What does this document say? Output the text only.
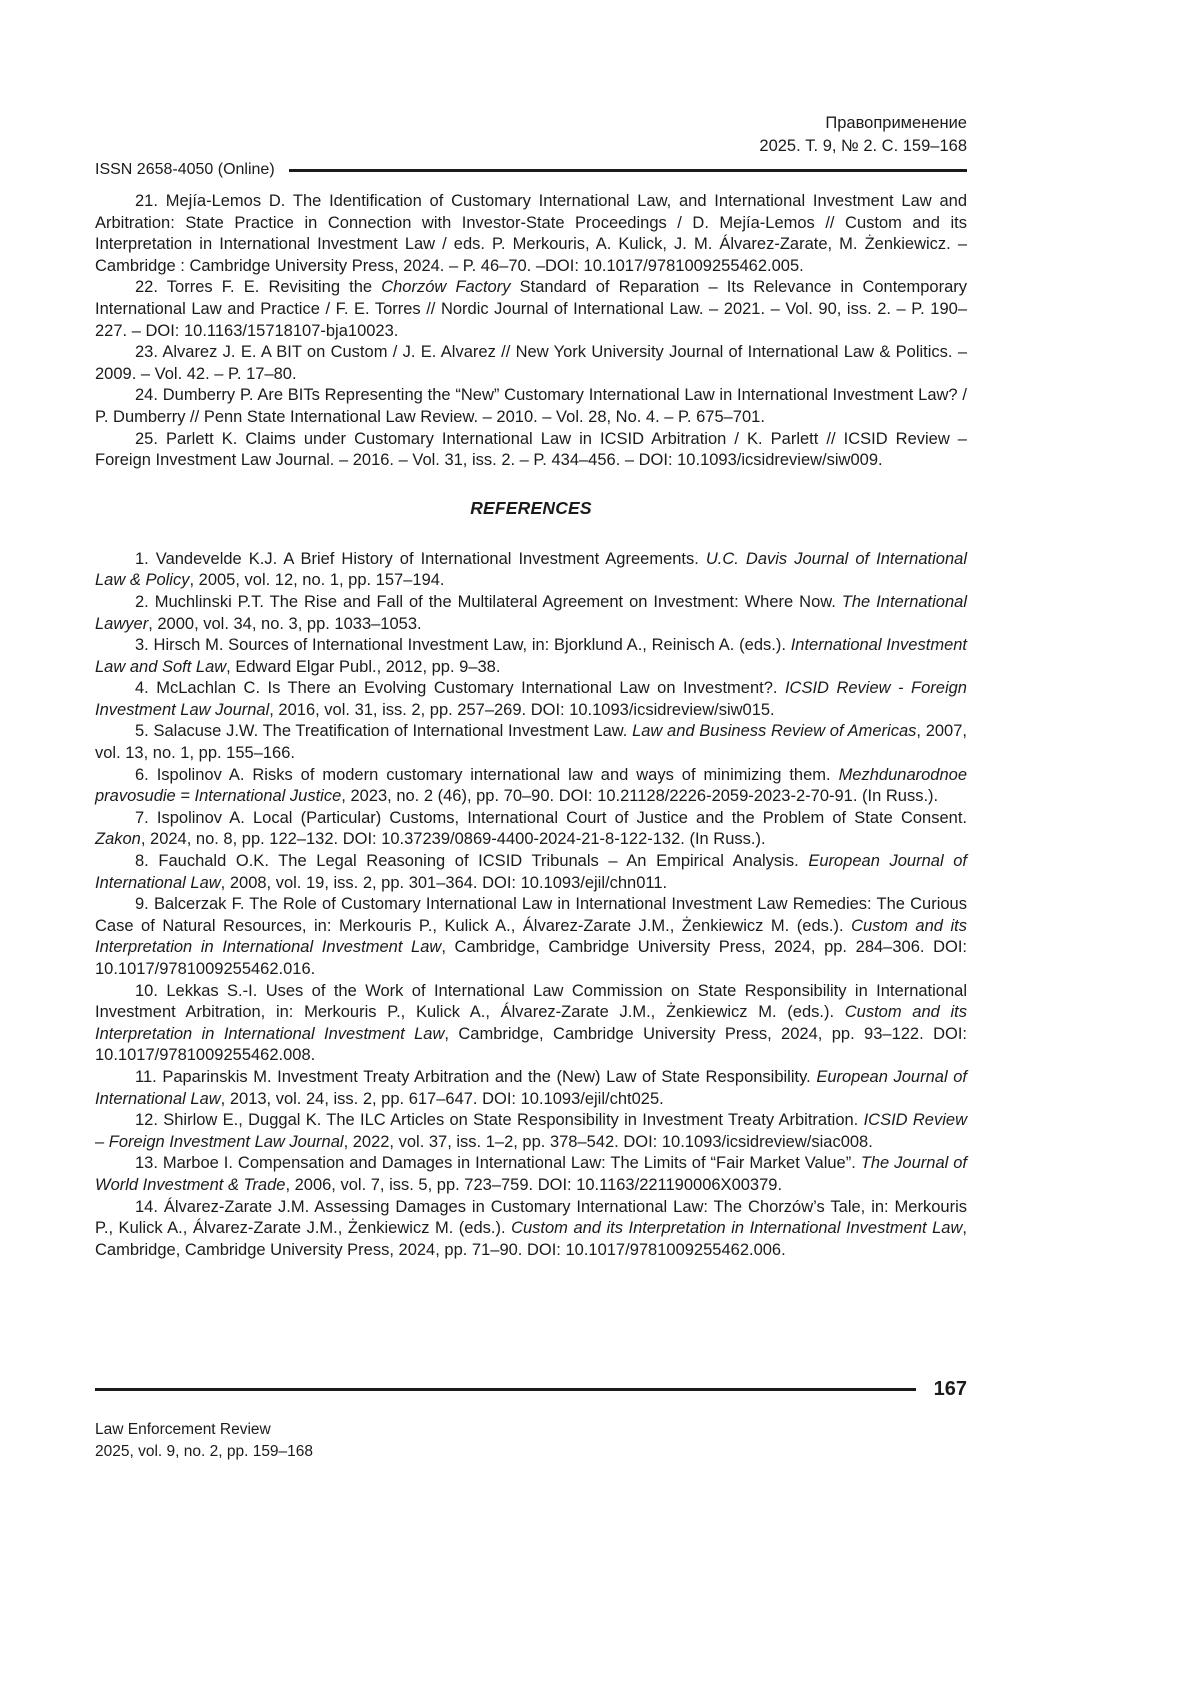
Правоприменение
2025. Т. 9, № 2. С. 159–168
ISSN 2658-4050 (Online)

21. Mejía-Lemos D. The Identification of Customary International Law, and International Investment Law and Arbitration: State Practice in Connection with Investor-State Proceedings / D. Mejía-Lemos // Custom and its Interpretation in International Investment Law / eds. P. Merkouris, A. Kulick, J. M. Álvarez-Zarate, M. Żenkiewicz. – Cambridge : Cambridge University Press, 2024. – P. 46–70. –DOI: 10.1017/9781009255462.005.

22. Torres F. E. Revisiting the Chorzów Factory Standard of Reparation – Its Relevance in Contemporary International Law and Practice / F. E. Torres // Nordic Journal of International Law. – 2021. – Vol. 90, iss. 2. – P. 190–227. – DOI: 10.1163/15718107-bja10023.

23. Alvarez J. E. A BIT on Custom / J. E. Alvarez // New York University Journal of International Law & Politics. – 2009. – Vol. 42. – P. 17–80.

24. Dumberry P. Are BITs Representing the “New” Customary International Law in International Investment Law? / P. Dumberry // Penn State International Law Review. – 2010. – Vol. 28, No. 4. – P. 675–701.

25. Parlett K. Claims under Customary International Law in ICSID Arbitration / K. Parlett // ICSID Review – Foreign Investment Law Journal. – 2016. – Vol. 31, iss. 2. – P. 434–456. – DOI: 10.1093/icsidreview/siw009.

REFERENCES

1. Vandevelde K.J. A Brief History of International Investment Agreements. U.C. Davis Journal of International Law & Policy, 2005, vol. 12, no. 1, pp. 157–194.

2. Muchlinski P.T. The Rise and Fall of the Multilateral Agreement on Investment: Where Now. The International Lawyer, 2000, vol. 34, no. 3, pp. 1033–1053.

3. Hirsch M. Sources of International Investment Law, in: Bjorklund A., Reinisch A. (eds.). International Investment Law and Soft Law, Edward Elgar Publ., 2012, pp. 9–38.

4. McLachlan C. Is There an Evolving Customary International Law on Investment?. ICSID Review - Foreign Investment Law Journal, 2016, vol. 31, iss. 2, pp. 257–269. DOI: 10.1093/icsidreview/siw015.

5. Salacuse J.W. The Treatification of International Investment Law. Law and Business Review of Americas, 2007, vol. 13, no. 1, pp. 155–166.

6. Ispolinov A. Risks of modern customary international law and ways of minimizing them. Mezhdunarodnoe pravosudie = International Justice, 2023, no. 2 (46), pp. 70–90. DOI: 10.21128/2226-2059-2023-2-70-91. (In Russ.).

7. Ispolinov A. Local (Particular) Customs, International Court of Justice and the Problem of State Consent. Zakon, 2024, no. 8, pp. 122–132. DOI: 10.37239/0869-4400-2024-21-8-122-132. (In Russ.).

8. Fauchald O.K. The Legal Reasoning of ICSID Tribunals – An Empirical Analysis. European Journal of International Law, 2008, vol. 19, iss. 2, pp. 301–364. DOI: 10.1093/ejil/chn011.

9. Balcerzak F. The Role of Customary International Law in International Investment Law Remedies: The Curious Case of Natural Resources, in: Merkouris P., Kulick A., Álvarez-Zarate J.M., Żenkiewicz M. (eds.). Custom and its Interpretation in International Investment Law, Cambridge, Cambridge University Press, 2024, pp. 284–306. DOI: 10.1017/9781009255462.016.

10. Lekkas S.-I. Uses of the Work of International Law Commission on State Responsibility in International Investment Arbitration, in: Merkouris P., Kulick A., Álvarez-Zarate J.M., Żenkiewicz M. (eds.). Custom and its Interpretation in International Investment Law, Cambridge, Cambridge University Press, 2024, pp. 93–122. DOI: 10.1017/9781009255462.008.

11. Paparinskis M. Investment Treaty Arbitration and the (New) Law of State Responsibility. European Journal of International Law, 2013, vol. 24, iss. 2, pp. 617–647. DOI: 10.1093/ejil/cht025.

12. Shirlow E., Duggal K. The ILC Articles on State Responsibility in Investment Treaty Arbitration. ICSID Review – Foreign Investment Law Journal, 2022, vol. 37, iss. 1–2, pp. 378–542. DOI: 10.1093/icsidreview/siac008.

13. Marboe I. Compensation and Damages in International Law: The Limits of “Fair Market Value”. The Journal of World Investment & Trade, 2006, vol. 7, iss. 5, pp. 723–759. DOI: 10.1163/221190006X00379.

14. Álvarez-Zarate J.M. Assessing Damages in Customary International Law: The Chorzów’s Tale, in: Merkouris P., Kulick A., Álvarez-Zarate J.M., Żenkiewicz M. (eds.). Custom and its Interpretation in International Investment Law, Cambridge, Cambridge University Press, 2024, pp. 71–90. DOI: 10.1017/9781009255462.006.

167
Law Enforcement Review
2025, vol. 9, no. 2, pp. 159–168
